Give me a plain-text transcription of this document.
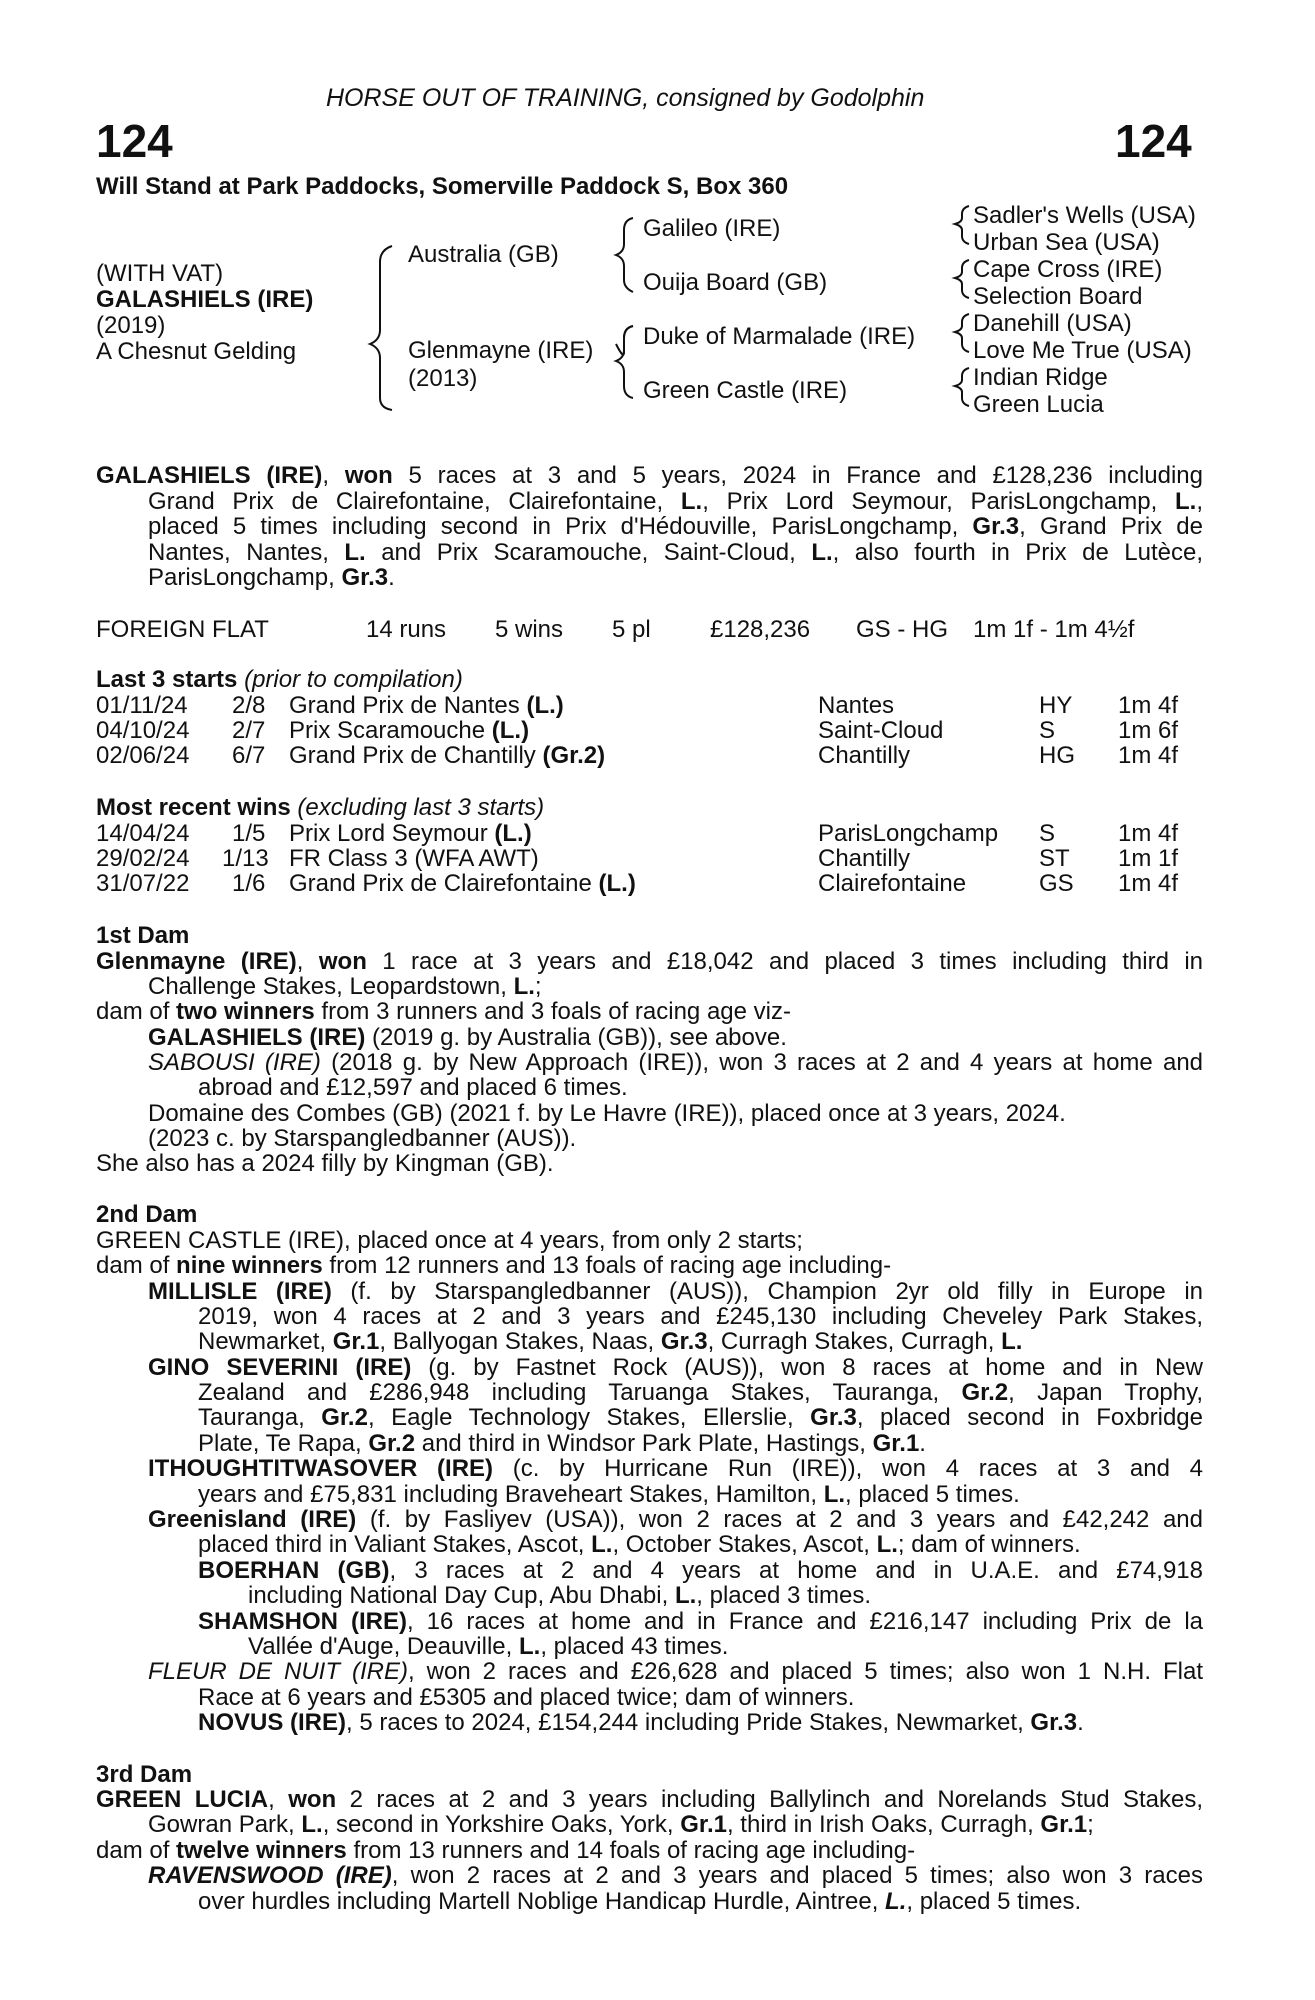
HORSE OUT OF TRAINING, consigned by Godolphin
124	124
Will Stand at Park Paddocks, Somerville Paddock S, Box 360
(WITH VAT)
GALASHIELS (IRE)
(2019)
A Chesnut Gelding
Australia (GB)
Glenmayne (IRE)
(2013)
Galileo (IRE)
Ouija Board (GB)
Duke of Marmalade (IRE)
Green Castle (IRE)
Sadler's Wells (USA)
Urban Sea (USA)
Cape Cross (IRE)
Selection Board
Danehill (USA)
Love Me True (USA)
Indian Ridge
Green Lucia
GALASHIELS (IRE), won 5 races at 3 and 5 years, 2024 in France and £128,236 including
Grand Prix de Clairefontaine, Clairefontaine, L., Prix Lord Seymour, ParisLongchamp, L.,
placed 5 times including second in Prix d'Hédouville, ParisLongchamp, Gr.3, Grand Prix de
Nantes, Nantes, L. and Prix Scaramouche, Saint-Cloud, L., also fourth in Prix de Lutèce,
ParisLongchamp, Gr.3.
FOREIGN FLAT	14 runs 5 wins 5 pl £128,236 GS - HG 1m 1f - 1m 4½f
Last 3 starts (prior to compilation)
01/11/24 2/8 Grand Prix de Nantes (L.)	Nantes	HY 1m 4f
04/10/24 2/7 Prix Scaramouche (L.)	Saint-Cloud	S	1m 6f
02/06/24 6/7 Grand Prix de Chantilly (Gr.2)	Chantilly	HG 1m 4f
Most recent wins (excluding last 3 starts)
14/04/24 1/5 Prix Lord Seymour (L.)	ParisLongchamp S	1m 4f
29/02/24 1/13 FR Class 3 (WFA AWT)	Chantilly	ST 1m 1f
31/07/22 1/6 Grand Prix de Clairefontaine (L.)	Clairefontaine	GS 1m 4f
1st Dam
Glenmayne (IRE), won 1 race at 3 years and £18,042 and placed 3 times including third in
Challenge Stakes, Leopardstown, L.;
dam of two winners from 3 runners and 3 foals of racing age viz-
GALASHIELS (IRE) (2019 g. by Australia (GB)), see above.
SABOUSI (IRE) (2018 g. by New Approach (IRE)), won 3 races at 2 and 4 years at home and
abroad and £12,597 and placed 6 times.
Domaine des Combes (GB) (2021 f. by Le Havre (IRE)), placed once at 3 years, 2024.
(2023 c. by Starspangledbanner (AUS)).
She also has a 2024 filly by Kingman (GB).
2nd Dam
GREEN CASTLE (IRE), placed once at 4 years, from only 2 starts;
dam of nine winners from 12 runners and 13 foals of racing age including-
MILLISLE (IRE) (f. by Starspangledbanner (AUS)), Champion 2yr old filly in Europe in
2019, won 4 races at 2 and 3 years and £245,130 including Cheveley Park Stakes,
Newmarket, Gr.1, Ballyogan Stakes, Naas, Gr.3, Curragh Stakes, Curragh, L.
GINO SEVERINI (IRE) (g. by Fastnet Rock (AUS)), won 8 races at home and in New
Zealand and £286,948 including Taruanga Stakes, Tauranga, Gr.2, Japan Trophy,
Tauranga, Gr.2, Eagle Technology Stakes, Ellerslie, Gr.3, placed second in Foxbridge
Plate, Te Rapa, Gr.2 and third in Windsor Park Plate, Hastings, Gr.1.
ITHOUGHTITWASOVER (IRE) (c. by Hurricane Run (IRE)), won 4 races at 3 and 4
years and £75,831 including Braveheart Stakes, Hamilton, L., placed 5 times.
Greenisland (IRE) (f. by Fasliyev (USA)), won 2 races at 2 and 3 years and £42,242 and
placed third in Valiant Stakes, Ascot, L., October Stakes, Ascot, L.; dam of winners.
BOERHAN (GB), 3 races at 2 and 4 years at home and in U.A.E. and £74,918
including National Day Cup, Abu Dhabi, L., placed 3 times.
SHAMSHON (IRE), 16 races at home and in France and £216,147 including Prix de la
Vallée d'Auge, Deauville, L., placed 43 times.
FLEUR DE NUIT (IRE), won 2 races and £26,628 and placed 5 times; also won 1 N.H. Flat
Race at 6 years and £5305 and placed twice; dam of winners.
NOVUS (IRE), 5 races to 2024, £154,244 including Pride Stakes, Newmarket, Gr.3.
3rd Dam
GREEN LUCIA, won 2 races at 2 and 3 years including Ballylinch and Norelands Stud Stakes,
Gowran Park, L., second in Yorkshire Oaks, York, Gr.1, third in Irish Oaks, Curragh, Gr.1;
dam of twelve winners from 13 runners and 14 foals of racing age including-
RAVENSWOOD (IRE), won 2 races at 2 and 3 years and placed 5 times; also won 3 races
over hurdles including Martell Noblige Handicap Hurdle, Aintree, L., placed 5 times.
